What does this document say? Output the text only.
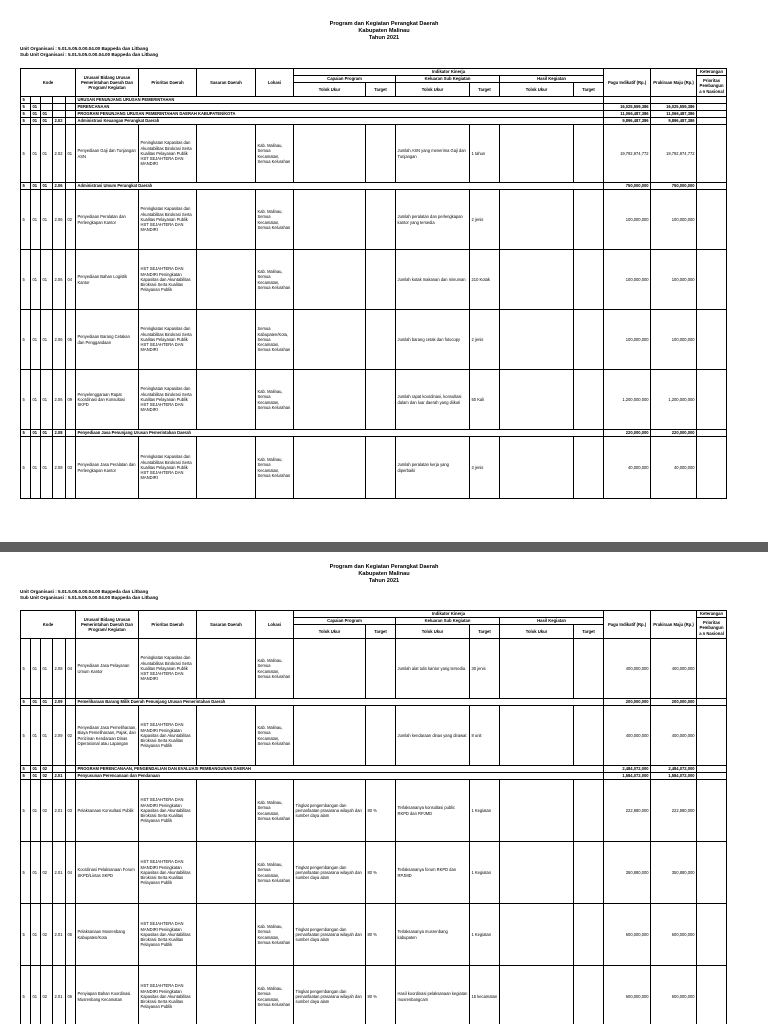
Program dan Kegiatan Perangkat Daerah
Kabupaten Malinau
Tahun 2021
Unit Organisasi : 5.01.5.05.0.00.04.00 Bappeda dan Litbang
Sub Unit Organisasi : 5.01.5.05.0.00.04.00 Bappeda dan Litbang
Kode					Urusan/ Bidang Urusan Pemerintahan Daerah Dan Program/ Kegiatan	Prioritas Daerah	Sasaran Daerah	Lokasi	Indikator Kinerja						Pagu Indikatif (Rp.)	Prakiraan Maju (Rp.)	Keterangan
									Capaian Program		Keluaran Sub Kegiatan		Hasil Kegiatan				Prioritas Pembanguna n Nasional
									Tolok Ukur	Target	Tolok Ukur	Target	Tolok Ukur	Target			
5					URUSAN PENUNJANG URUSAN PEMERINTAHAN												
5	01				PERENCANAAN										16,025,559,386	16,025,559,386	
5	01	01			PROGRAM PENUNJANG URUSAN PEMERINTAHAN DAERAH KABUPATEN/KOTA										11,066,487,386	11,066,487,386	
5	01	01	2.02		Administrasi Keuangan Perangkat Daerah										9,896,487,386	9,896,487,386	
5	01	01	2.02	01	Penyediaan Gaji dan Tunjangan ASN	Peningkatan Kapasitas dan Akuntabilitas Birokrasi Serta Kualitas Pelayanan Publik HST SEJAHTERA DAN MANDIRI		Kab. Malinau, Semua Kecamatan, Semua Kelurahan			Jumlah ASN yang menerima Gaji dan Tunjangan	1 tahun			19,792,974,772	19,792,974,772	
5	01	01	2.06		Administrasi Umum Perangkat Daerah										750,000,000	750,000,000	
5	01	01	2.06	02	Penyediaan Peralatan dan Perlengkapan Kantor	Peningkatan Kapasitas dan Akuntabilitas Birokrasi Serta Kualitas Pelayanan Publik HST SEJAHTERA DAN MANDIRI		Kab. Malinau, Semua Kecamatan, Semua Kelurahan			Jumlah peralatan dan perlengkapan kantor yang tersedia	2 jenis			100,000,000	100,000,000	
5	01	01	2.06	04	Penyediaan Bahan Logistik Kantor	HST SEJAHTERA DAN MANDIRI Peningkatan Kapasitas dan Akuntabilitas Birokrasi Serta Kualitas Pelayanan Publik		Kab. Malinau, Semua Kecamatan, Semua Kelurahan			Jumlah kotak makanan dan minuman	210 Kotak			100,000,000	100,000,000	
5	01	01	2.06	05	Penyediaan Barang Cetakan dan Penggandaan	Peningkatan Kapasitas dan Akuntabilitas Birokrasi Serta Kualitas Pelayanan Publik HST SEJAHTERA DAN MANDIRI		Semua Kabupaten/Kota, Semua Kecamatan, Semua Kelurahan			Jumlah barang cetak dan fotocopy	2 jenis			100,000,000	100,000,000	
5	01	01	2.06	09	Penyelenggaraan Rapat Koordinasi dan Konsultasi SKPD	Peningkatan Kapasitas dan Akuntabilitas Birokrasi Serta Kualitas Pelayanan Publik HST SEJAHTERA DAN MANDIRI		Kab. Malinau, Semua Kecamatan, Semua Kelurahan			Jumlah rapat koordinasi, konsultasi dalam dan luar daerah yang diikuti	50 Kali			1,200,000,000	1,200,000,000	
5	01	01	2.08		Penyediaan Jasa Penunjang Urusan Pemerintahan Daerah										220,000,000	220,000,000	
5	01	01	2.08	03	Penyediaan Jasa Peralatan dan Perlengkapan Kantor	Peningkatan Kapasitas dan Akuntabilitas Birokrasi Serta Kualitas Pelayanan Publik HST SEJAHTERA DAN MANDIRI		Kab. Malinau, Semua Kecamatan, Semua Kelurahan			Jumlah peralatan kerja yang diperbaiki	3 jenis			40,000,000	40,000,000	
Program dan Kegiatan Perangkat Daerah
Kabupaten Malinau
Tahun 2021
Unit Organisasi : 5.01.5.05.0.00.04.00 Bappeda dan Litbang
Sub Unit Organisasi : 5.01.5.05.0.00.04.00 Bappeda dan Litbang
Kode					Urusan/ Bidang Urusan Pemerintahan Daerah Dan Program/ Kegiatan	Prioritas Daerah	Sasaran Daerah	Lokasi	Indikator Kinerja						Pagu Indikatif (Rp.)	Prakiraan Maju (Rp.)	Keterangan
									Capaian Program		Keluaran Sub Kegiatan		Hasil Kegiatan				Prioritas Pembanguna n Nasional
									Tolok Ukur	Target	Tolok Ukur	Target	Tolok Ukur	Target			
5	01	01	2.08	04	Penyediaan Jasa Pelayanan Umum Kantor	Peningkatan Kapasitas dan Akuntabilitas Birokrasi Serta Kualitas Pelayanan Publik HST SEJAHTERA DAN MANDIRI		Kab. Malinau, Semua Kecamatan, Semua Kelurahan			Jumlah alat tulis kantor yang tersedia	30 jenis			400,000,000	400,000,000	
5	01	01	2.09		Pemeliharaan Barang Milik Daerah Penunjang Urusan Pemerintahan Daerah										200,000,000	200,000,000	
5	01	01	2.09	02	Penyediaan Jasa Pemeliharaan, Biaya Pemeliharaan, Pajak, dan Perizinan Kendaraan Dinas Operasional atau Lapangan	HST SEJAHTERA DAN MANDIRI Peningkatan Kapasitas dan Akuntabilitas Birokrasi Serta Kualitas Pelayanan Publik		Kab. Malinau, Semua Kecamatan, Semua Kelurahan			Jumlah kendaraan dinas yang dirawat	8 unit			400,000,000	400,000,000	
5	01	02			PROGRAM PERENCANAAN, PENGENDALIAN DAN EVALUASI PEMBANGUNAN DAERAH										2,484,072,000	2,484,072,000	
5	01	02	2.01		Penyusunan Perencanaan dan Pendanaan										1,584,072,000	1,584,072,000	
5	01	02	2.01	03	Pelaksanaan Konsultasi Publik	HST SEJAHTERA DAN MANDIRI Peningkatan Kapasitas dan Akuntabilitas Birokrasi Serta Kualitas Pelayanan Publik		Kab. Malinau, Semua Kecamatan, Semua Kelurahan	Tingkat pengembangan dan pemanfaatan prasarana wilayah dan sumber daya alam	80 %	Terlaksananya konsultasi public RKPD dan RPJMD	1 Kegiatan			222,880,000	222,880,000	
5	01	02	2.01	04	Koordinasi Pelaksanaan Forum SKPD/Lintas SKPD	HST SEJAHTERA DAN MANDIRI Peningkatan Kapasitas dan Akuntabilitas Birokrasi Serta Kualitas Pelayanan Publik		Kab. Malinau, Semua Kecamatan, Semua Kelurahan	Tingkat pengembangan dan pemanfaatan prasarana wilayah dan sumber daya alam	80 %	Terlaksananya forum RKPD dan RPJMD	1 Kegiatan			350,880,000	350,880,000	
5	01	02	2.01	05	Pelaksanaan Musrenbang Kabupaten/Kota	HST SEJAHTERA DAN MANDIRI Peningkatan Kapasitas dan Akuntabilitas Birokrasi Serta Kualitas Pelayanan Publik		Kab. Malinau, Semua Kecamatan, Semua Kelurahan	Tingkat pengembangan dan pemanfaatan prasarana wilayah dan sumber daya alam	80 %	Terlaksananya musrenbang kabupaten	1 Kegiatan			600,000,000	600,000,000	
5	01	02	2.01	06	Penyiapan Bahan Koordinasi Musrenbang Kecamatan	HST SEJAHTERA DAN MANDIRI Peningkatan Kapasitas dan Akuntabilitas Birokrasi Serta Kualitas Pelayanan Publik		Kab. Malinau, Semua Kecamatan, Semua Kelurahan	Tingkat pengembangan dan pemanfaatan prasarana wilayah dan sumber daya alam	80 %	Hasil koordinasi pelaksanaan kegiatan musrenbangcam	15 kecamatan			600,000,000	600,000,000	
